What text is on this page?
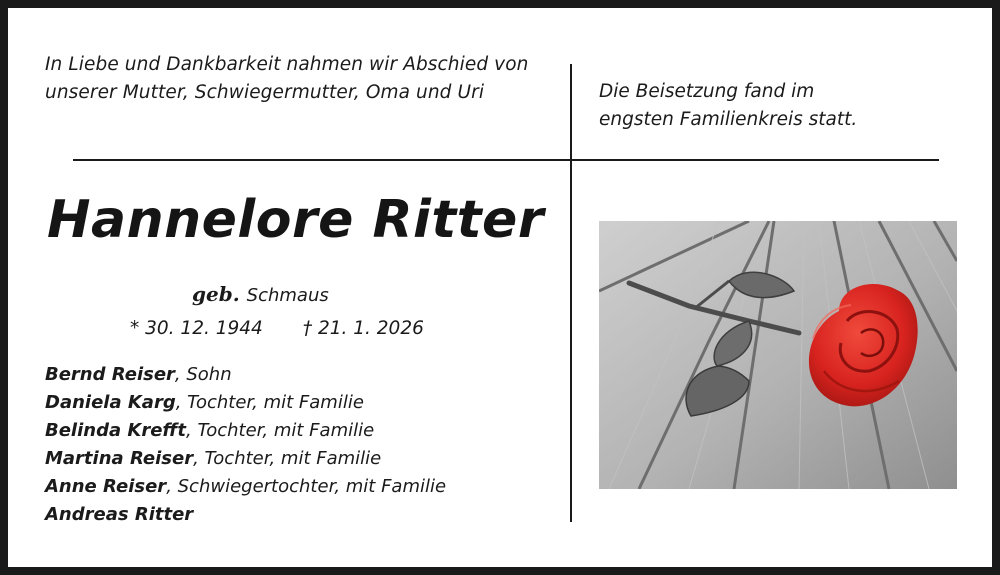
In Liebe und Dankbarkeit nahmen wir Abschied von
unserer Mutter, Schwiegermutter, Oma und Uri	Die Beisetzung fand im
engsten Familienkreis statt.
Hannelore Ritter
geb. Schmaus
* 30. 12. 1944 † 21. 1. 2026
Bernd Reiser, Sohn
Daniela Karg, Tochter, mit Familie
Belinda Krefft, Tochter, mit Familie
Martina Reiser, Tochter, mit Familie
Anne Reiser, Schwiegertochter, mit Familie
Andreas Ritter
